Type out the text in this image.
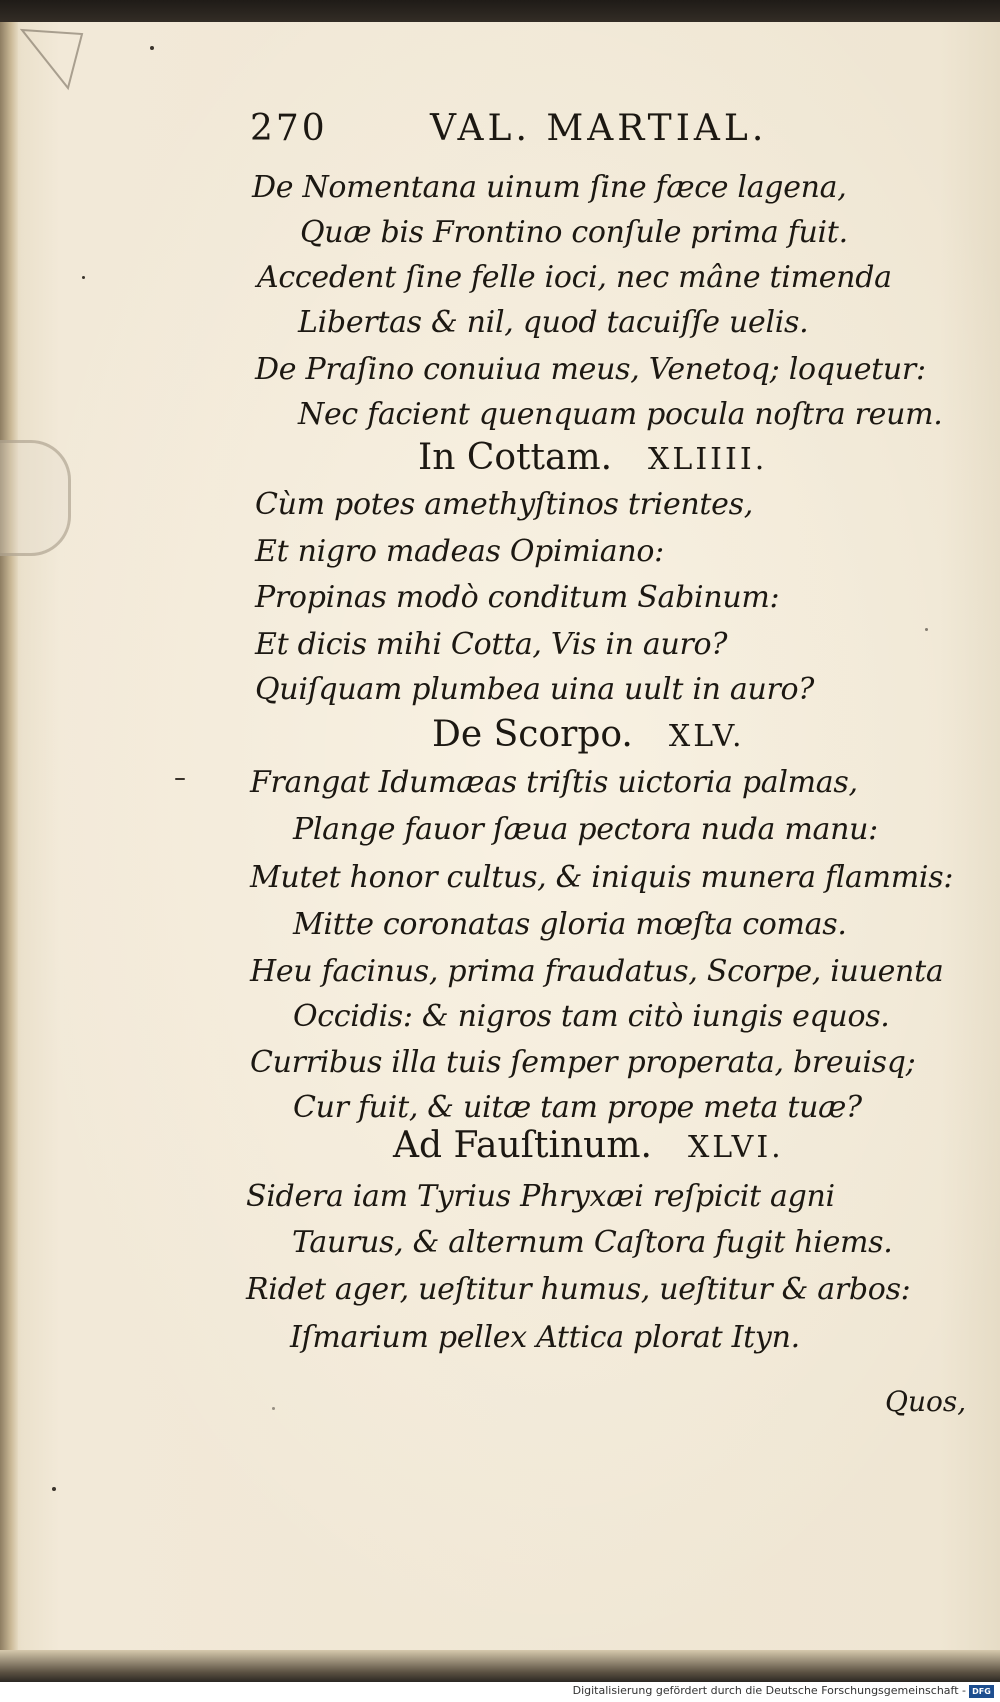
270	VAL. MARTIAL.
De Nomentana uinum ſine fæce lagena,
Quæ bis Frontino conſule prima fuit.
Accedent ſine felle ioci, nec mâne timenda
Libertas & nil, quod tacuiſſe uelis.
De Praſino conuiua meus, Venetoq; loquetur:
Nec facient quenquam pocula noſtra reum.
In Cottam. XLIIII.
Cùm potes amethyſtinos trientes,
Et nigro madeas Opimiano:
Propinas modò conditum Sabinum:
Et dicis mihi Cotta, Vis in auro?
Quiſquam plumbea uina uult in auro?
De Scorpo. XLV.
Frangat Idumæas triſtis uictoria palmas,
Plange fauor ſæua pectora nuda manu:
Mutet honor cultus, & iniquis munera flammis:
Mitte coronatas gloria mœſta comas.
Heu facinus, prima fraudatus, Scorpe, iuuenta
Occidis: & nigros tam citò iungis equos.
Curribus illa tuis ſemper properata, breuisq;
Cur fuit, & uitæ tam prope meta tuæ?
Ad Fauſtinum. XLVI.
Sidera iam Tyrius Phryxæi reſpicit agni
Taurus, & alternum Caſtora fugit hiems.
Ridet ager, ueſtitur humus, ueſtitur & arbos:
Iſmarium pellex Attica plorat Ityn.
Quos,
Digitalisierung gefördert durch die Deutsche Forschungsgemeinschaft - DFG
